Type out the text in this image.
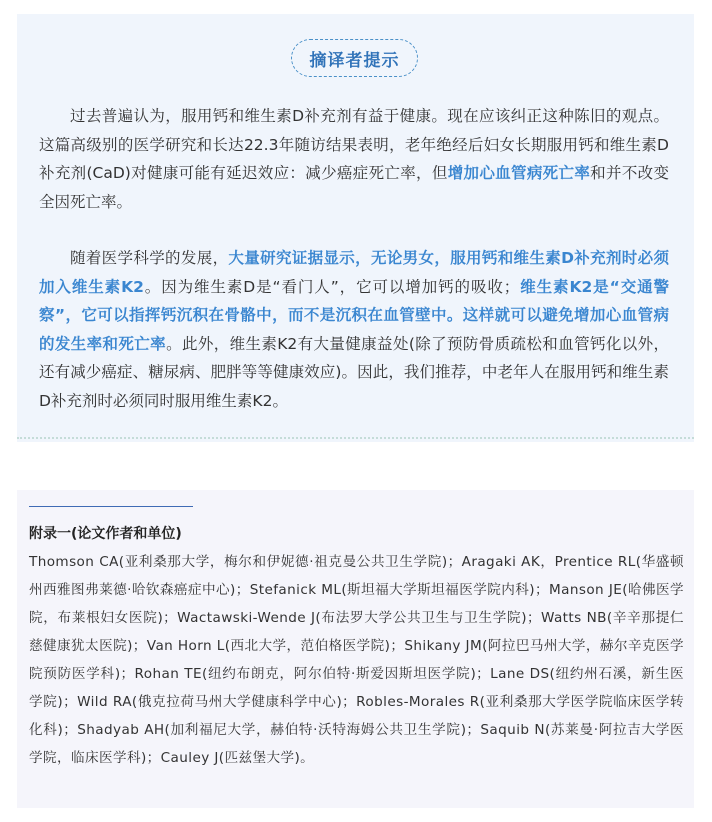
摘译者提示

过去普遍认为，服用钙和维生素D补充剂有益于健康。现在应该纠正这种陈旧的观点。这篇高级别的医学研究和长达22.3年随访结果表明，老年绝经后妇女长期服用钙和维生素D补充剂(CaD)对健康可能有延迟效应：减少癌症死亡率，但增加心血管病死亡率和并不改变全因死亡率。

随着医学科学的发展，大量研究证据显示，无论男女，服用钙和维生素D补充剂时必须加入维生素K2。因为维生素D是“看门人”，它可以增加钙的吸收；维生素K2是“交通警察”，它可以指挥钙沉积在骨骼中，而不是沉积在血管壁中。这样就可以避免增加心血管病的发生率和死亡率。此外，维生素K2有大量健康益处(除了预防骨质疏松和血管钙化以外，还有减少癌症、糖尿病、肥胖等等健康效应)。因此，我们推荐，中老年人在服用钙和维生素D补充剂时必须同时服用维生素K2。

附录一(论文作者和单位)

Thomson CA(亚利桑那大学，梅尔和伊妮德·祖克曼公共卫生学院)；Aragaki AK，Prentice RL(华盛顿州西雅图弗莱德·哈钦森癌症中心)；Stefanick ML(斯坦福大学斯坦福医学院内科)；Manson JE(哈佛医学院，布莱根妇女医院)；Wactawski-Wende J(布法罗大学公共卫生与卫生学院)；Watts NB(辛辛那提仁慈健康犹太医院)；Van Horn L(西北大学，范伯格医学院)；Shikany JM(阿拉巴马州大学，赫尔辛克医学院预防医学科)；Rohan TE(纽约布朗克，阿尔伯特·斯爱因斯坦医学院)；Lane DS(纽约州石溪，新生医学院)；Wild RA(俄克拉荷马州大学健康科学中心)；Robles-Morales R(亚利桑那大学医学院临床医学转化科)；Shadyab AH(加利福尼大学，赫伯特·沃特海姆公共卫生学院)；Saquib N(苏莱曼·阿拉吉大学医学院，临床医学科)；Cauley J(匹兹堡大学)。
